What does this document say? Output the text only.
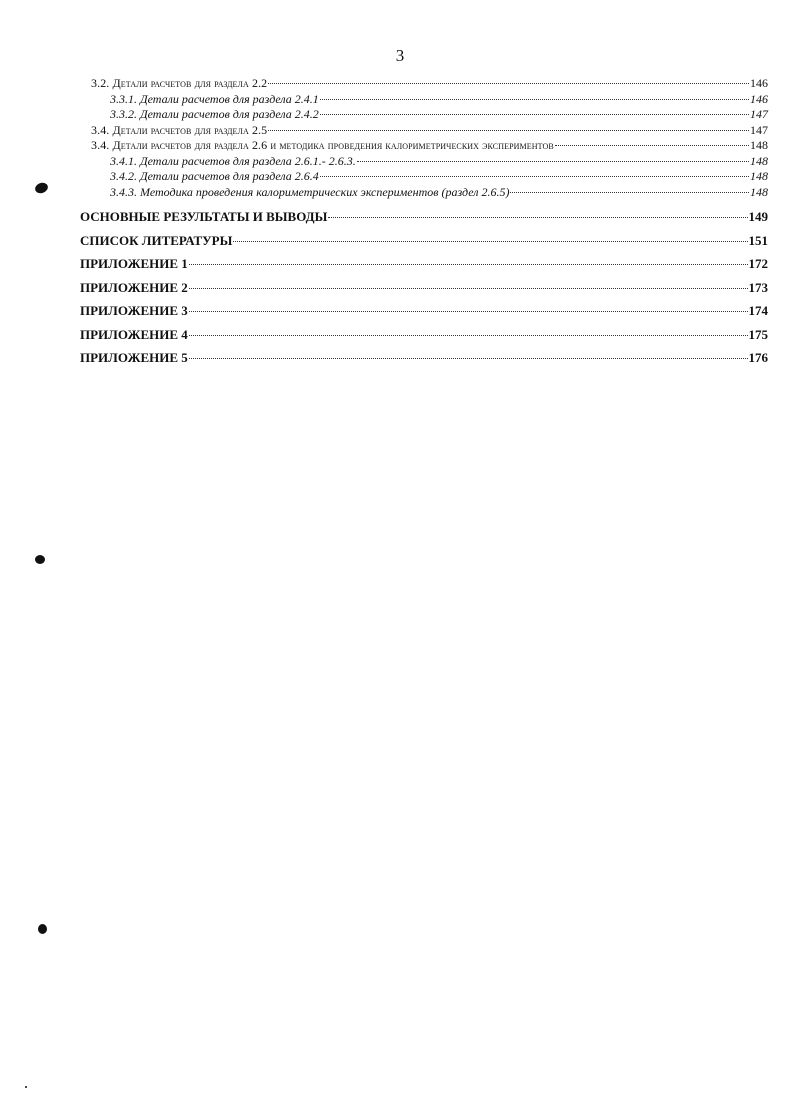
3
3.2. Детали расчетов для раздела 2.2	146
3.3.1. Детали расчетов для раздела 2.4.1	146
3.3.2. Детали расчетов для раздела 2.4.2	147
3.4. Детали расчетов для раздела 2.5	147
3.4. Детали расчетов для раздела 2.6 и методика проведения калориметрических экспериментов	148
3.4.1. Детали расчетов для раздела 2.6.1.- 2.6.3.	148
3.4.2. Детали расчетов для раздела 2.6.4	148
3.4.3. Методика проведения калориметрических экспериментов (раздел 2.6.5)	148
ОСНОВНЫЕ РЕЗУЛЬТАТЫ И ВЫВОДЫ	149
СПИСОК ЛИТЕРАТУРЫ	151
ПРИЛОЖЕНИЕ 1	172
ПРИЛОЖЕНИЕ 2	173
ПРИЛОЖЕНИЕ 3	174
ПРИЛОЖЕНИЕ 4	175
ПРИЛОЖЕНИЕ 5	176
